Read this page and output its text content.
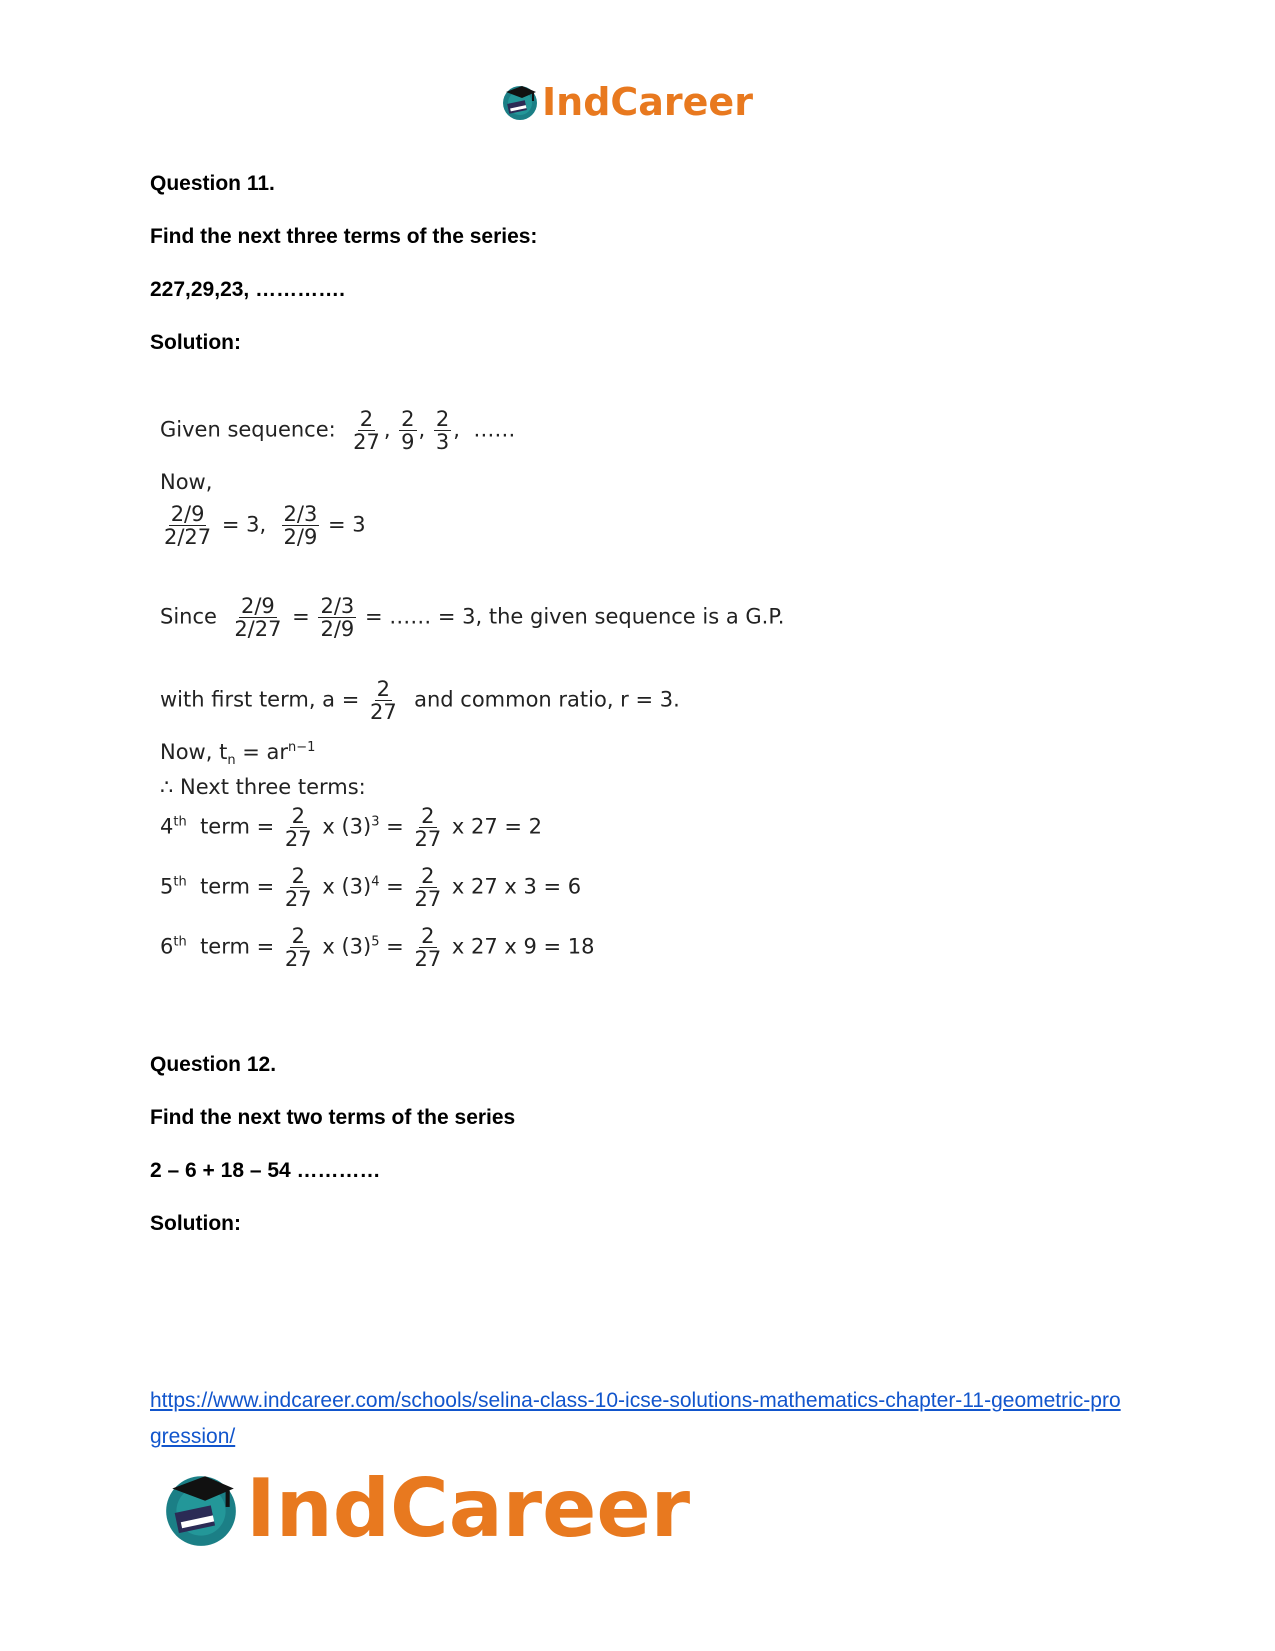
IndCareer
Question 11.
Find the next three terms of the series:
227,29,23, ………….
Solution:
Given sequence: $\frac{2}{27}$ , $\frac{2}{9}$ , $\frac{2}{3}$ ,  ……
Now,
$\frac{2/9}{2/27} = 3$, $\frac{2/3}{2/9} = 3$
Since $\frac{2/9}{2/27} = \frac{2/3}{2/9}$ = …… = 3, the given sequence is a G.P.
with first term, $a = \frac{2}{27}$ and common ratio, r = 3.
Now, $t_n = ar^{n-1}$
∴ Next three terms:
4th term = $\frac{2}{27}$ x $(3)^3 = \frac{2}{27}$ x 27 = 2
5th term = $\frac{2}{27}$ x $(3)^4 = \frac{2}{27}$ x 27 x 3 = 6
6th term = $\frac{2}{27}$ x $(3)^5 = \frac{2}{27}$ x 27 x 9 = 18
Question 12.
Find the next two terms of the series
2 – 6 + 18 – 54 …………
Solution:
https://www.indcareer.com/schools/selina-class-10-icse-solutions-mathematics-chapter-11-geometric-progression/
IndCareer
